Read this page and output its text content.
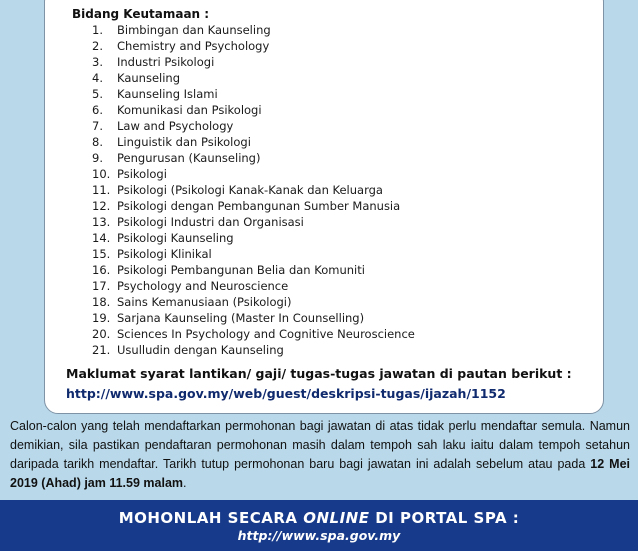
Bidang Keutamaan :
1. Bimbingan dan Kaunseling
2. Chemistry and Psychology
3. Industri Psikologi
4. Kaunseling
5. Kaunseling Islami
6. Komunikasi dan Psikologi
7. Law and Psychology
8. Linguistik dan Psikologi
9. Pengurusan (Kaunseling)
10. Psikologi
11. Psikologi (Psikologi Kanak-Kanak dan Keluarga
12. Psikologi dengan Pembangunan Sumber Manusia
13. Psikologi Industri dan Organisasi
14. Psikologi Kaunseling
15. Psikologi Klinikal
16. Psikologi Pembangunan Belia dan Komuniti
17. Psychology and Neuroscience
18. Sains Kemanusiaan (Psikologi)
19. Sarjana Kaunseling (Master In Counselling)
20. Sciences In Psychology and Cognitive Neuroscience
21. Usulludin dengan Kaunseling
Maklumat syarat lantikan/ gaji/ tugas-tugas jawatan di pautan berikut :
http://www.spa.gov.my/web/guest/deskripsi-tugas/ijazah/1152
Calon-calon yang telah mendaftarkan permohonan bagi jawatan di atas tidak perlu mendaftar semula. Namun demikian, sila pastikan pendaftaran permohonan masih dalam tempoh sah laku iaitu dalam tempoh setahun daripada tarikh mendaftar. Tarikh tutup permohonan baru bagi jawatan ini adalah sebelum atau pada 12 Mei 2019 (Ahad) jam 11.59 malam.
MOHONLAH SECARA ONLINE DI PORTAL SPA :
http://www.spa.gov.my
